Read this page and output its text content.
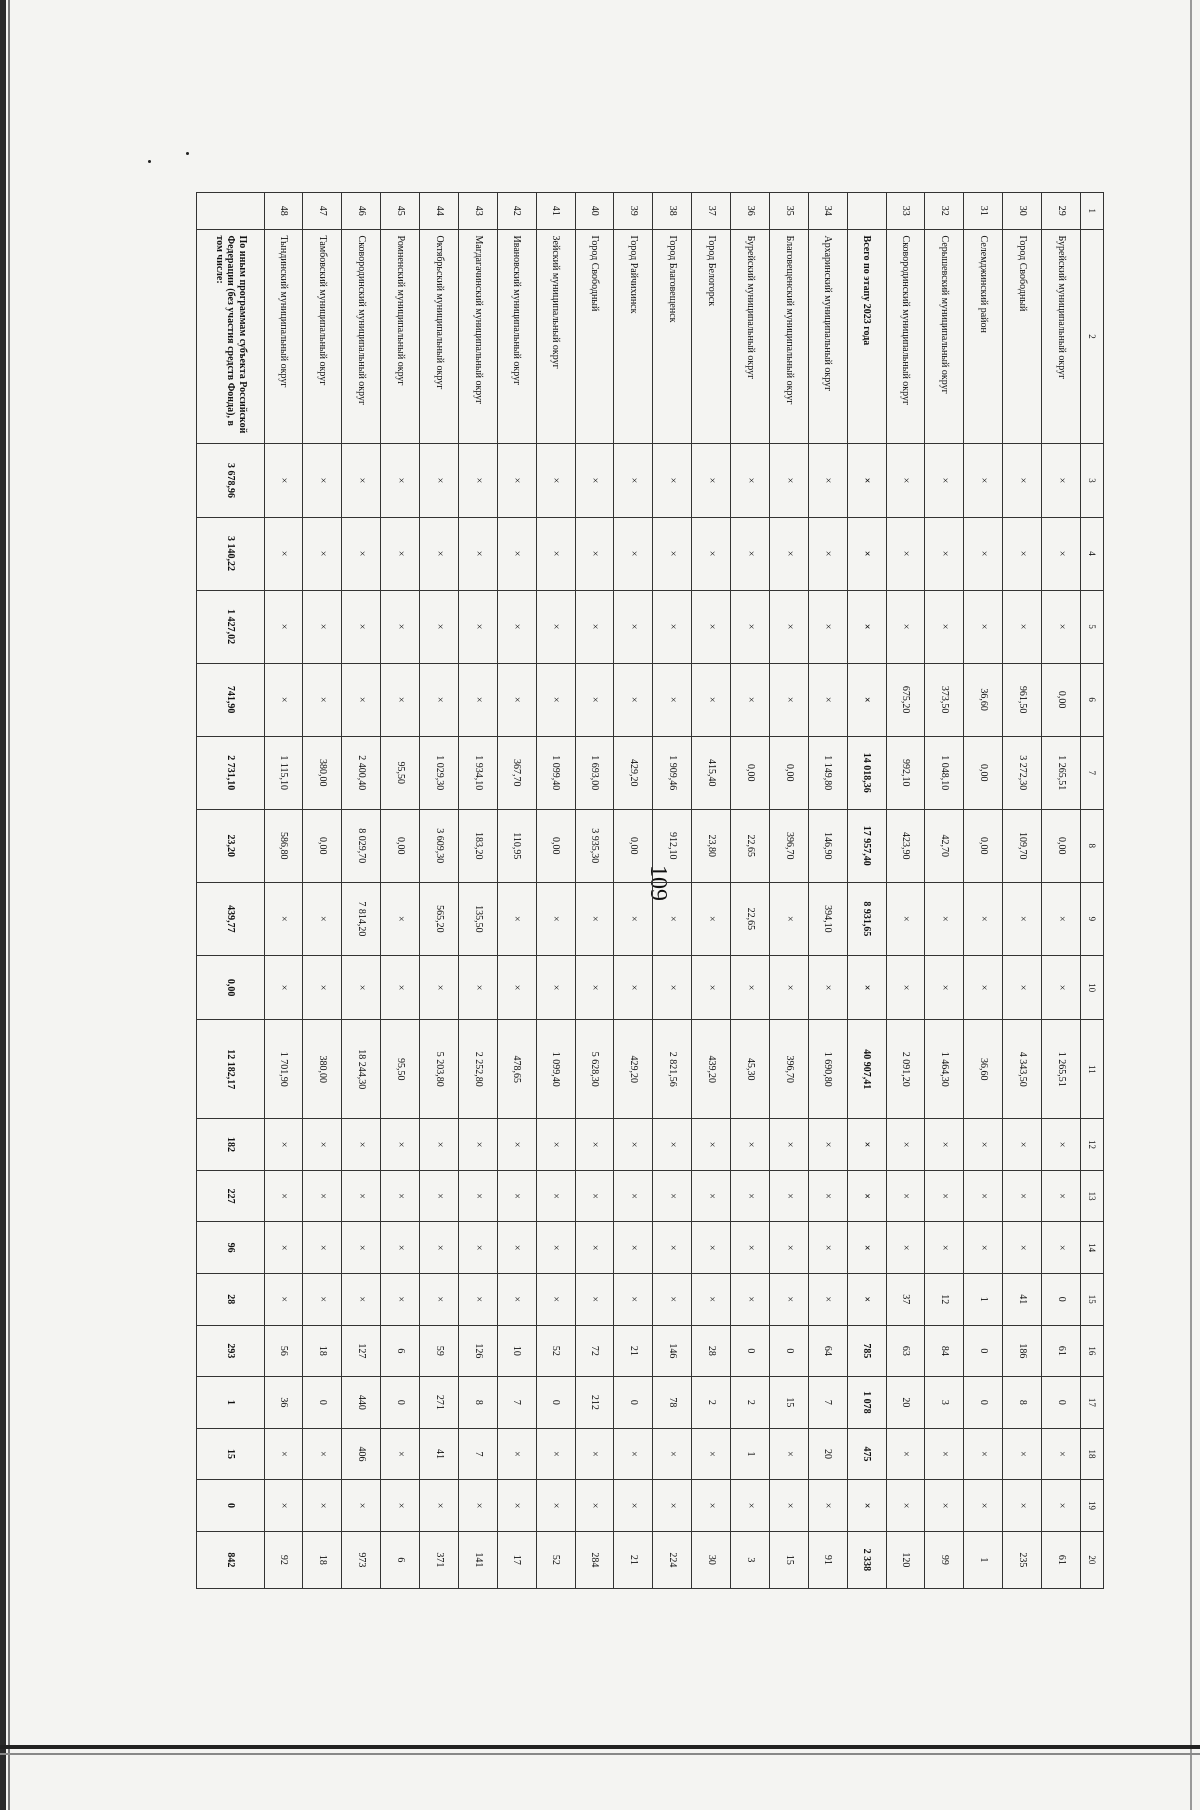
109
1	2	3	4	5	6	7	8	9	10	11	12	13	14	15	16	17	18	19	20
29	Бурейский муниципальный округ	×	×	×	0,00	1 265,51	0,00	×	×	1 265,51	×	×	×	0	61	0	×	×	61
30	Город Свободный	×	×	×	961,50	3 272,30	109,70	×	×	4 343,50	×	×	×	41	186	8	×	×	235
31	Селемджинский район	×	×	×	36,60	0,00	0,00	×	×	36,60	×	×	×	1	0	0	×	×	1
32	Серышевский муниципальный округ	×	×	×	373,50	1 048,10	42,70	×	×	1 464,30	×	×	×	12	84	3	×	×	99
33	Сковородинский муниципальный округ	×	×	×	675,20	992,10	423,90	×	×	2 091,20	×	×	×	37	63	20	×	×	120
	Всего по этапу 2023 года	×	×	×	×	14 018,36	17 957,40	8 931,65	×	40 907,41	×	×	×	×	785	1 078	475	×	2 338
34	Архаринский муниципальный округ	×	×	×	×	1 149,80	146,90	394,10	×	1 690,80	×	×	×	×	64	7	20	×	91
35	Благовещенский муниципальный округ	×	×	×	×	0,00	396,70	×	×	396,70	×	×	×	×	0	15	×	×	15
36	Бурейский муниципальный округ	×	×	×	×	0,00	22,65	22,65	×	45,30	×	×	×	×	0	2	1	×	3
37	Город Белогорск	×	×	×	×	415,40	23,80	×	×	439,20	×	×	×	×	28	2	×	×	30
38	Город Благовещенск	×	×	×	×	1 909,46	912,10	×	×	2 821,56	×	×	×	×	146	78	×	×	224
39	Город Райчихинск	×	×	×	×	429,20	0,00	×	×	429,20	×	×	×	×	21	0	×	×	21
40	Город Свободный	×	×	×	×	1 693,00	3 935,30	×	×	5 628,30	×	×	×	×	72	212	×	×	284
41	Зейский муниципальный округ	×	×	×	×	1 099,40	0,00	×	×	1 099,40	×	×	×	×	52	0	×	×	52
42	Ивановский муниципальный округ	×	×	×	×	367,70	110,95	×	×	478,65	×	×	×	×	10	7	×	×	17
43	Магдагачинский муниципальный округ	×	×	×	×	1 934,10	183,20	135,50	×	2 252,80	×	×	×	×	126	8	7	×	141
44	Октябрьский муниципальный округ	×	×	×	×	1 029,30	3 609,30	565,20	×	5 203,80	×	×	×	×	59	271	41	×	371
45	Ромненский муниципальный округ	×	×	×	×	95,50	0,00	×	×	95,50	×	×	×	×	6	0	×	×	6
46	Сковородинский муниципальный округ	×	×	×	×	2 400,40	8 029,70	7 814,20	×	18 244,30	×	×	×	×	127	440	406	×	973
47	Тамбовский муниципальный округ	×	×	×	×	380,00	0,00	×	×	380,00	×	×	×	×	18	0	×	×	18
48	Тындинский муниципальный округ	×	×	×	×	1 115,10	586,80	×	×	1 701,90	×	×	×	×	56	36	×	×	92
	По иным программам субъекта Российской Федерации (без участия средств Фонда), в том числе:	3 678,96	3 140,22	1 427,02	741,90	2 731,10	23,20	439,77	0,00	12 182,17	182	227	96	28	293	1	15	0	842
